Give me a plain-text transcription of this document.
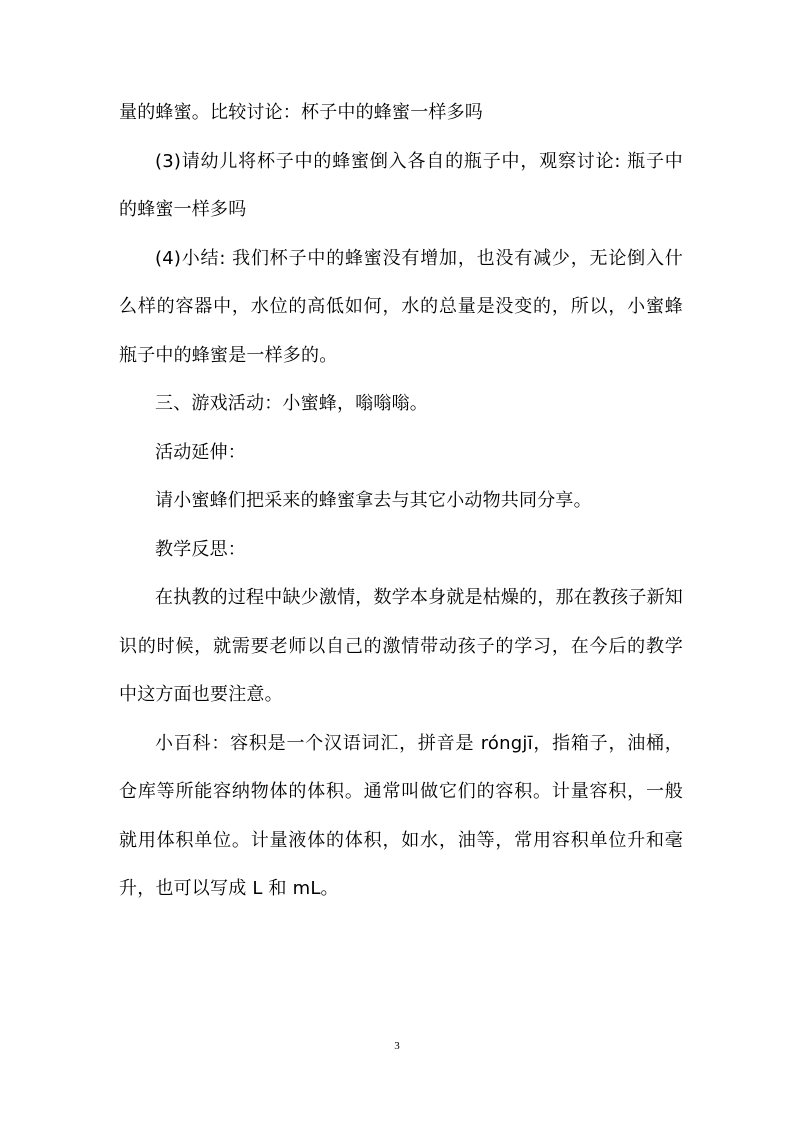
量的蜂蜜。比较讨论：杯子中的蜂蜜一样多吗

(3)请幼儿将杯子中的蜂蜜倒入各自的瓶子中，观察讨论: 瓶子中的蜂蜜一样多吗

(4)小结: 我们杯子中的蜂蜜没有增加，也没有减少，无论倒入什么样的容器中，水位的高低如何，水的总量是没变的，所以，小蜜蜂瓶子中的蜂蜜是一样多的。

三、游戏活动：小蜜蜂，嗡嗡嗡。

活动延伸：

请小蜜蜂们把采来的蜂蜜拿去与其它小动物共同分享。

教学反思：

在执教的过程中缺少激情，数学本身就是枯燥的，那在教孩子新知识的时候，就需要老师以自己的激情带动孩子的学习，在今后的教学中这方面也要注意。

小百科：容积是一个汉语词汇，拼音是 róngjī，指箱子，油桶，仓库等所能容纳物体的体积。通常叫做它们的容积。计量容积，一般就用体积单位。计量液体的体积，如水，油等，常用容积单位升和毫升，也可以写成 L 和 mL。

3
